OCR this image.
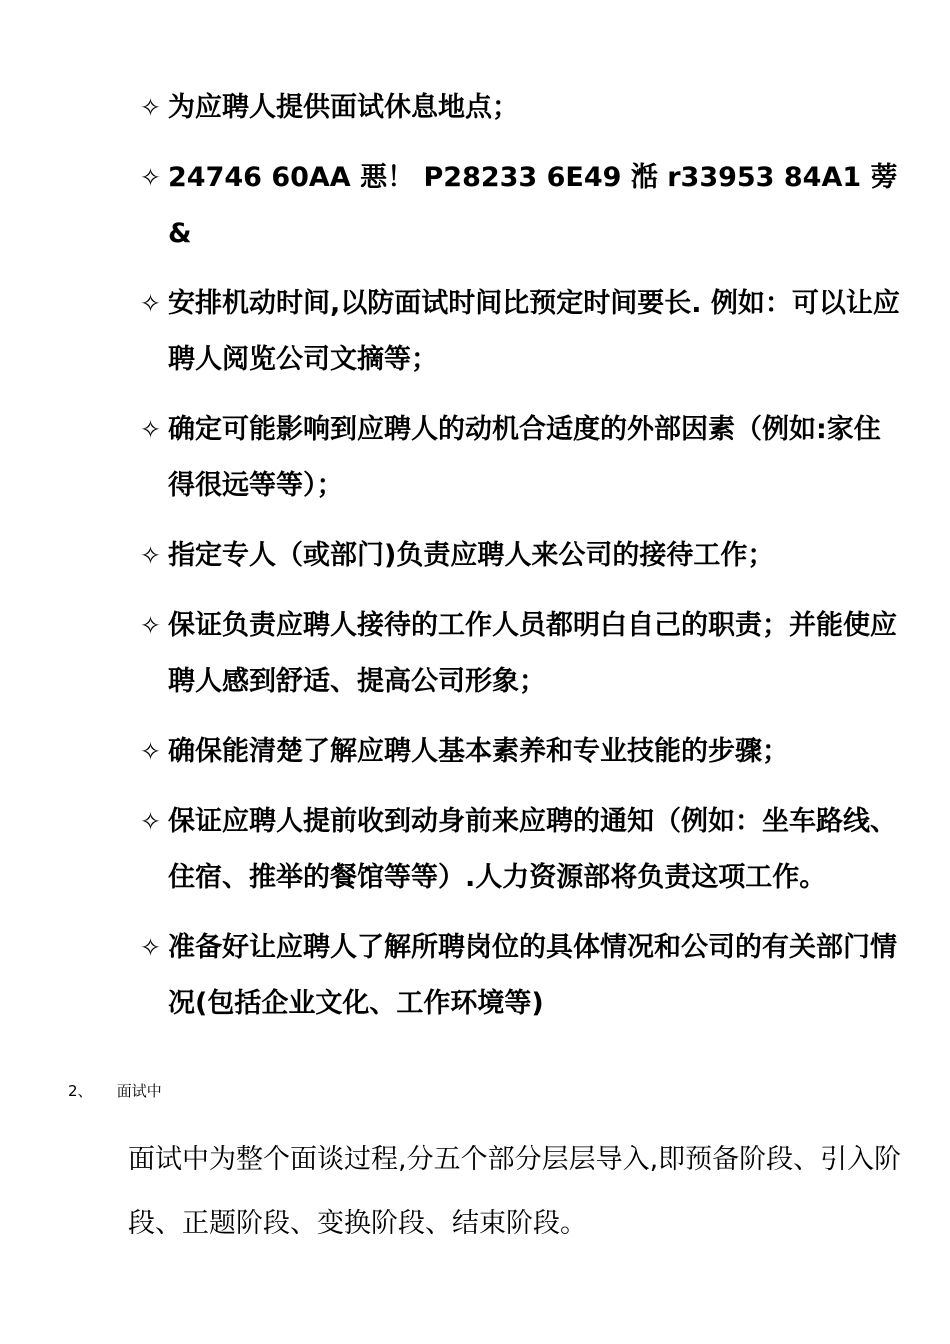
✧ 为应聘人提供面试休息地点；
✧ 24746 60AA 悪！ P28233 6E49 湉 r33953 84A1 蒡&
✧ 安排机动时间,以防面试时间比预定时间要长. 例如：可以让应聘人阅览公司文摘等；
✧ 确定可能影响到应聘人的动机合适度的外部因素（例如:家住得很远等等）；
✧ 指定专人（或部门)负责应聘人来公司的接待工作；
✧ 保证负责应聘人接待的工作人员都明白自己的职责；并能使应聘人感到舒适、提高公司形象；
✧ 确保能清楚了解应聘人基本素养和专业技能的步骤；
✧ 保证应聘人提前收到动身前来应聘的通知（例如：坐车路线、住宿、推举的餐馆等等）.人力资源部将负责这项工作。
✧ 准备好让应聘人了解所聘岗位的具体情况和公司的有关部门情况(包括企业文化、工作环境等)
2、 面试中
面试中为整个面谈过程,分五个部分层层导入,即预备阶段、引入阶段、正题阶段、变换阶段、结束阶段。
